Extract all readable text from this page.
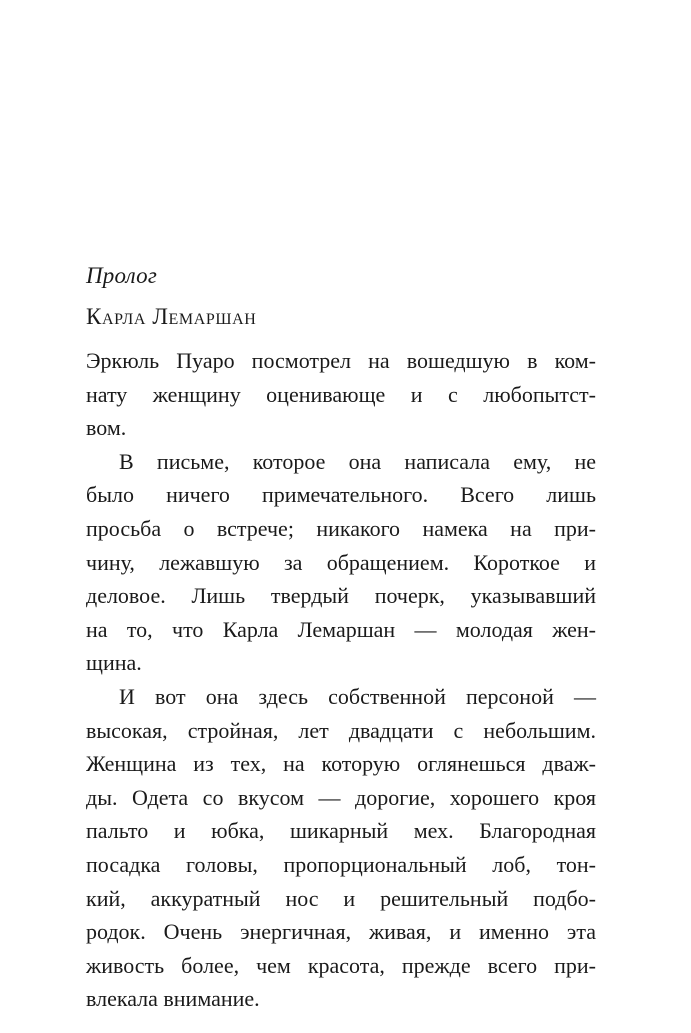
Пролог
Карла Лемаршан
Эркюль Пуаро посмотрел на вошедшую в ком-
нату женщину оценивающе и с любопытст-
вом.
В письме, которое она написала ему, не
было ничего примечательного. Всего лишь
просьба о встрече; никакого намека на при-
чину, лежавшую за обращением. Короткое и
деловое. Лишь твердый почерк, указывавший
на то, что Карла Лемаршан — молодая жен-
щина.
И вот она здесь собственной персоной —
высокая, стройная, лет двадцати с небольшим.
Женщина из тех, на которую оглянешься дваж-
ды. Одета со вкусом — дорогие, хорошего кроя
пальто и юбка, шикарный мех. Благородная
посадка головы, пропорциональный лоб, тон-
кий, аккуратный нос и решительный подбо-
родок. Очень энергичная, живая, и именно эта
живость более, чем красота, прежде всего при-
влекала внимание.
